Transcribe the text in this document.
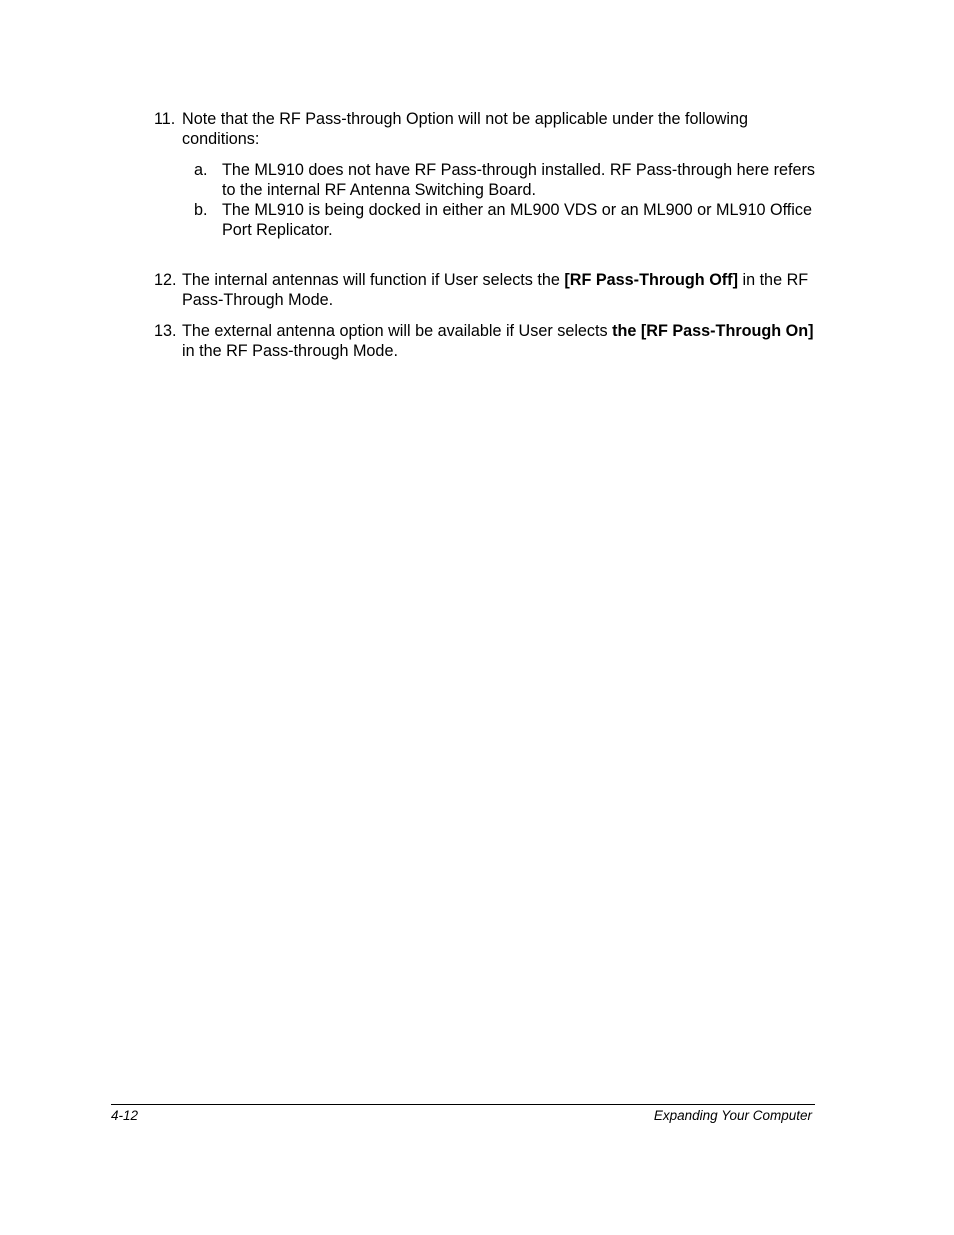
11. Note that the RF Pass-through Option will not be applicable under the following conditions:
a. The ML910 does not have RF Pass-through installed. RF Pass-through here refers to the internal RF Antenna Switching Board.
b. The ML910 is being docked in either an ML900 VDS or an ML900 or ML910 Office Port Replicator.
12. The internal antennas will function if User selects the [RF Pass-Through Off] in the RF Pass-Through Mode.
13. The external antenna option will be available if User selects the [RF Pass-Through On] in the RF Pass-through Mode.
4-12	Expanding Your Computer
